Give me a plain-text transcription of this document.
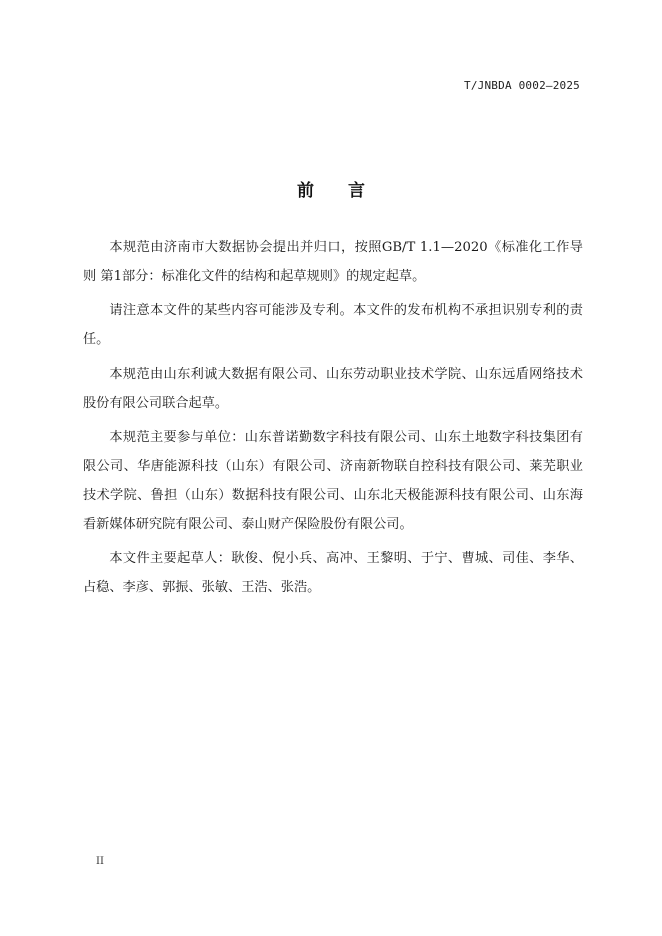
T/JNBDA 0002—2025
前言

本规范由济南市大数据协会提出并归口，按照GB/T 1.1—2020《标准化工作导则 第1部分：标准化文件的结构和起草规则》的规定起草。

请注意本文件的某些内容可能涉及专利。本文件的发布机构不承担识别专利的责任。

本规范由山东利诚大数据有限公司、山东劳动职业技术学院、山东远盾网络技术股份有限公司联合起草。

本规范主要参与单位：山东普诺勤数字科技有限公司、山东土地数字科技集团有限公司、华唐能源科技（山东）有限公司、济南新物联自控科技有限公司、莱芜职业技术学院、鲁担（山东）数据科技有限公司、山东北天极能源科技有限公司、山东海看新媒体研究院有限公司、泰山财产保险股份有限公司。

本文件主要起草人：耿俊、倪小兵、高冲、王黎明、于宁、曹城、司佳、李华、占稳、李彦、郭振、张敏、王浩、张浩。

II
